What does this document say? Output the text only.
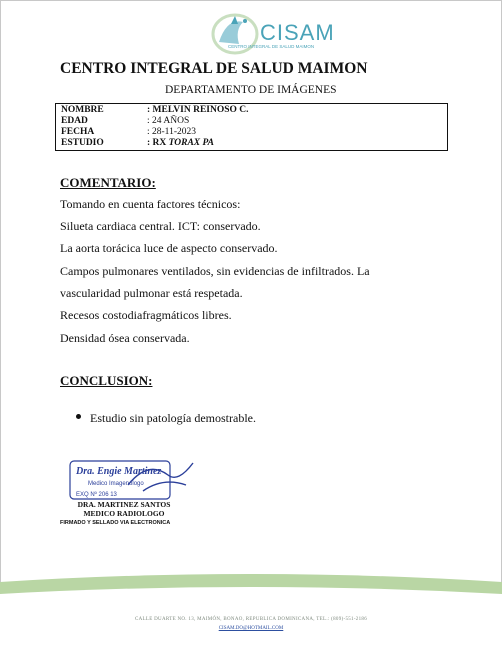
CISAM
CENTRO INTEGRAL DE SALUD MAIMON
CENTRO INTEGRAL DE SALUD MAIMON
DEPARTAMENTO DE IMÁGENES
NOMBRE	: MELVIN REINOSO C.
EDAD	: 24 AÑOS
FECHA	: 28-11-2023
ESTUDIO	: RX TORAX PA
COMENTARIO:
Tomando en cuenta factores técnicos:
Silueta cardiaca central. ICT: conservado.
La aorta torácica luce de aspecto conservado.
Campos pulmonares ventilados, sin evidencias de infiltrados. La
vascularidad pulmonar está respetada.
Recesos costodiafragmáticos libres.
Densidad ósea conservada.
CONCLUSION:
Estudio sin patología demostrable.
Dra. Engie Martinez
Medico Imagenólogo
EXQ Nº 206 13
DRA. MARTINEZ SANTOS
MEDICO RADIOLOGO
FIRMADO Y SELLADO VIA ELECTRONICA
CALLE DUARTE NO. 13, MAIMÓN, BONAO, REPUBLICA DOMINICANA, TEL.: (809)-551-2186
CISAM.DO@HOTMAIL.COM
